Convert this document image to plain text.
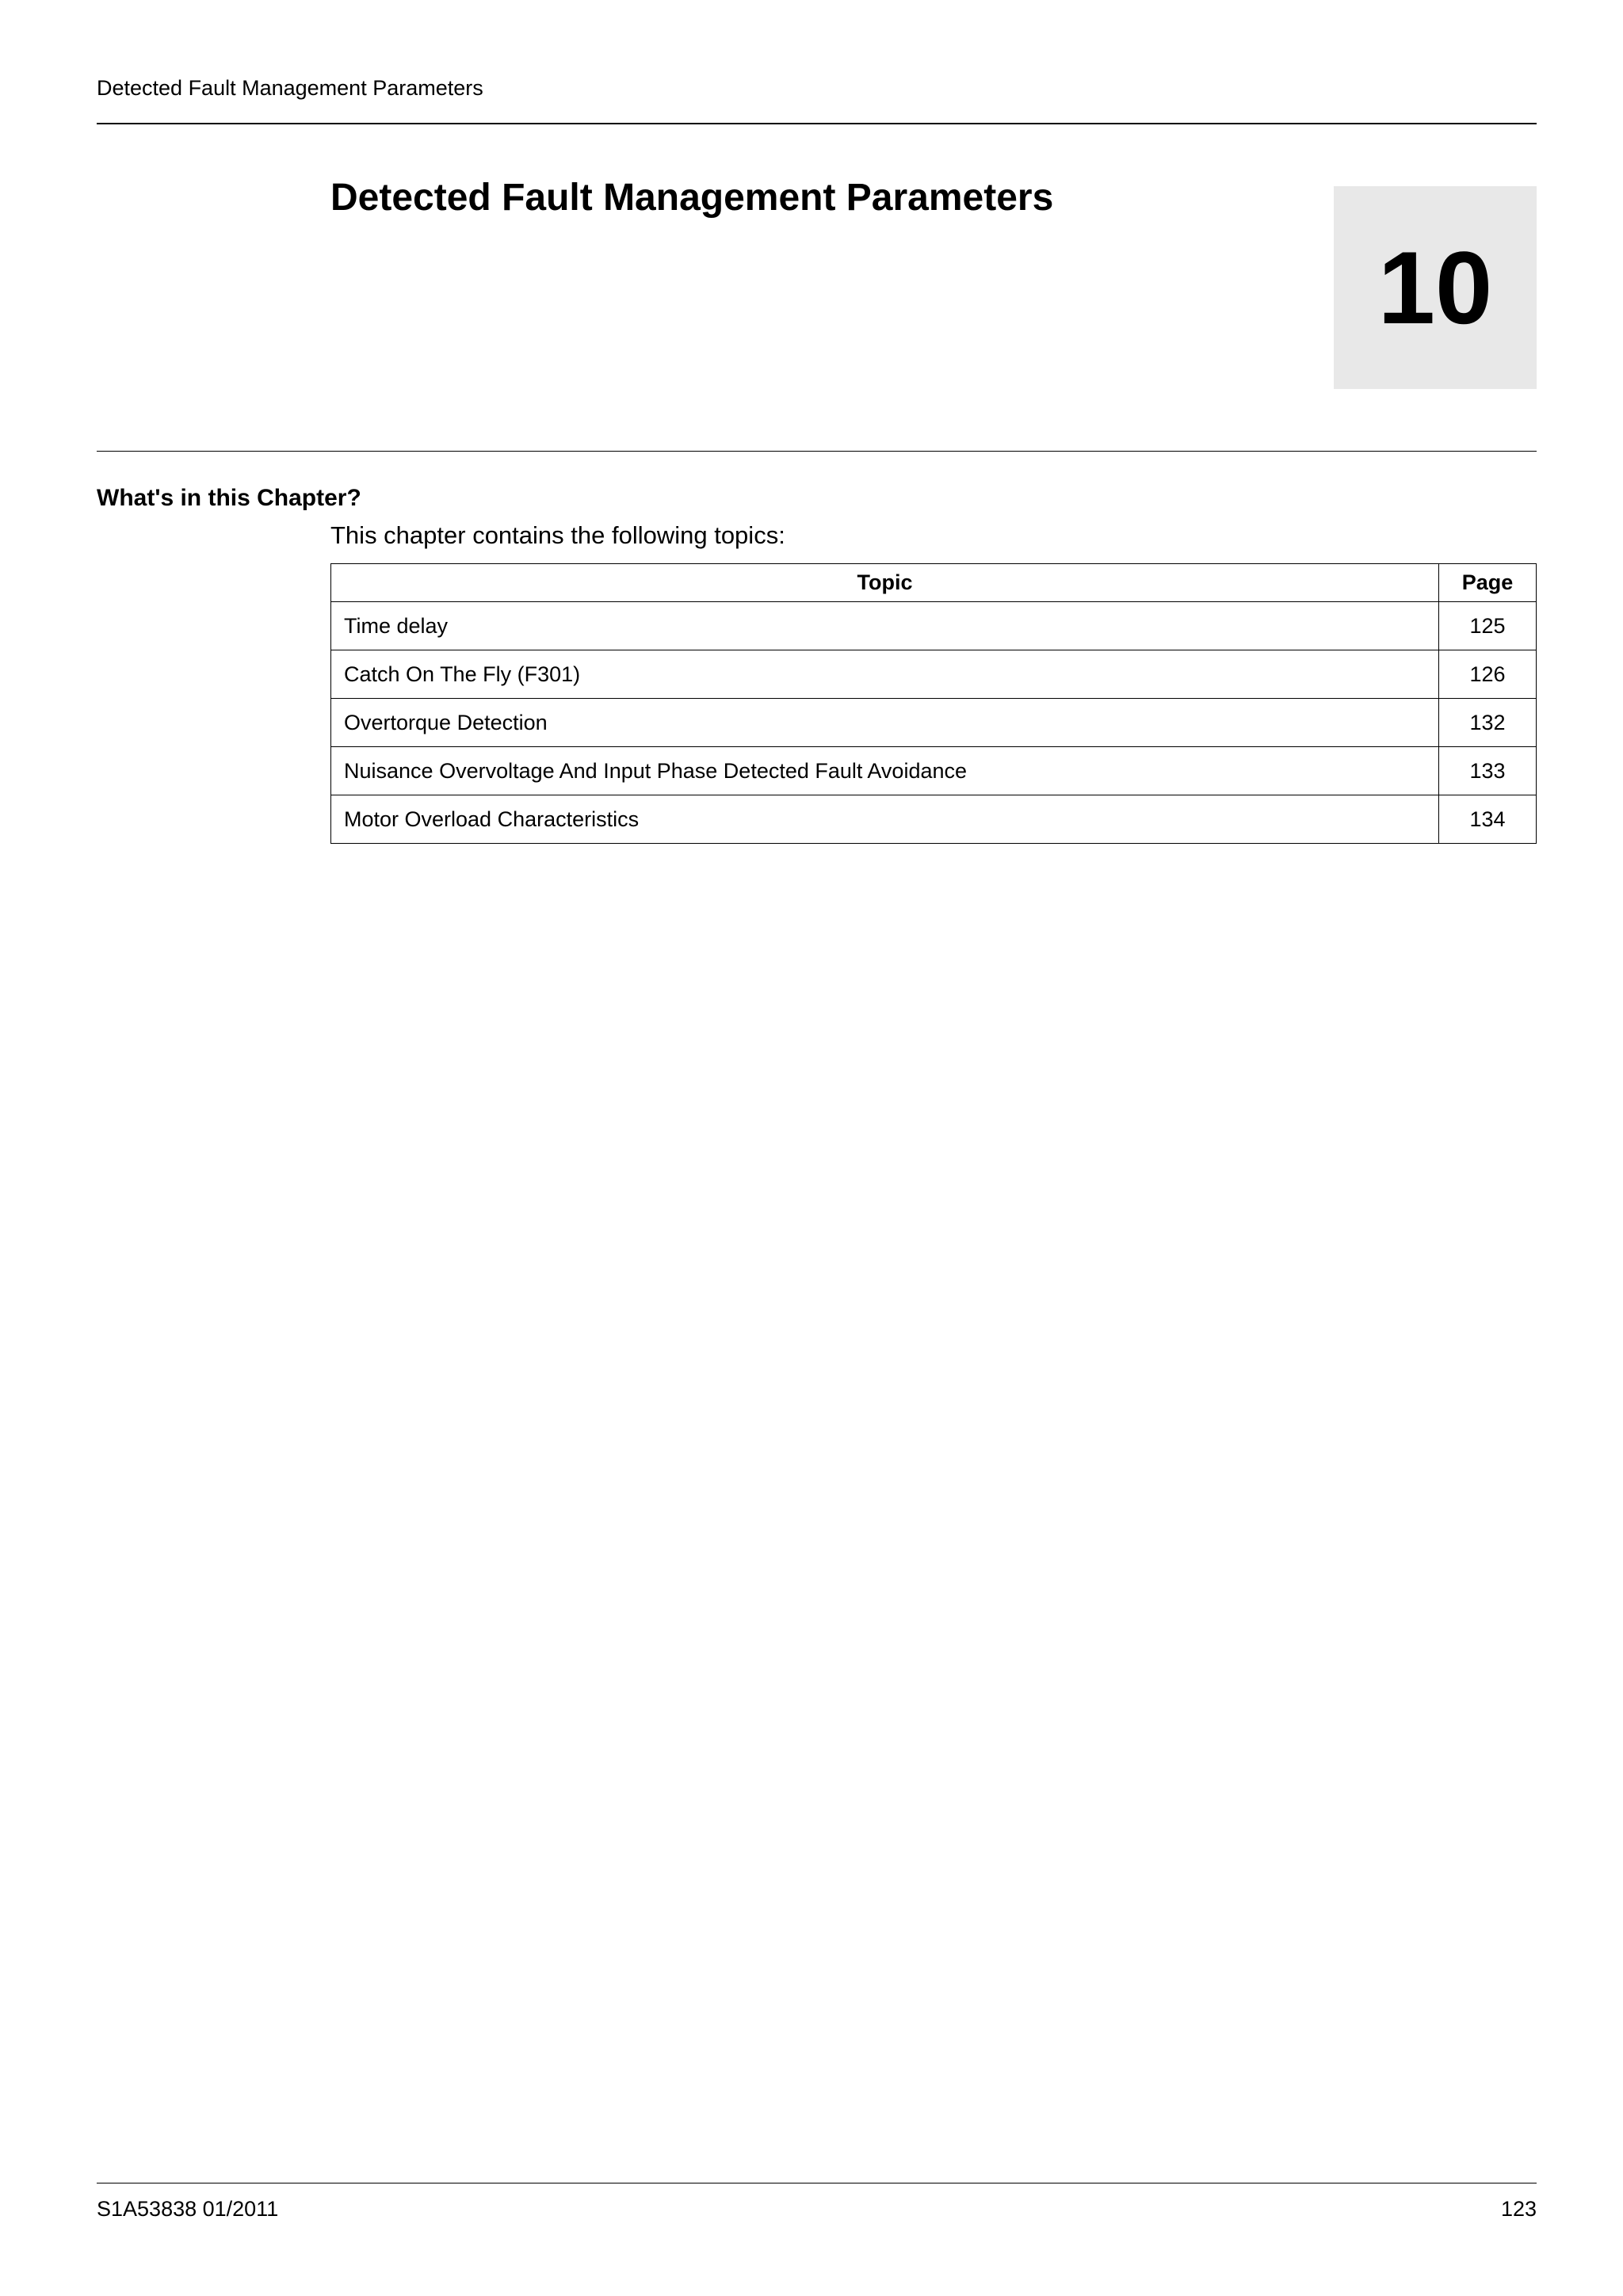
Detected Fault Management Parameters
Detected Fault Management Parameters
10
What's in this Chapter?
This chapter contains the following topics:
Topic	Page
Time delay	125
Catch On The Fly (F301)	126
Overtorque Detection	132
Nuisance Overvoltage And Input Phase Detected Fault Avoidance	133
Motor Overload Characteristics	134
S1A53838 01/2011	123
